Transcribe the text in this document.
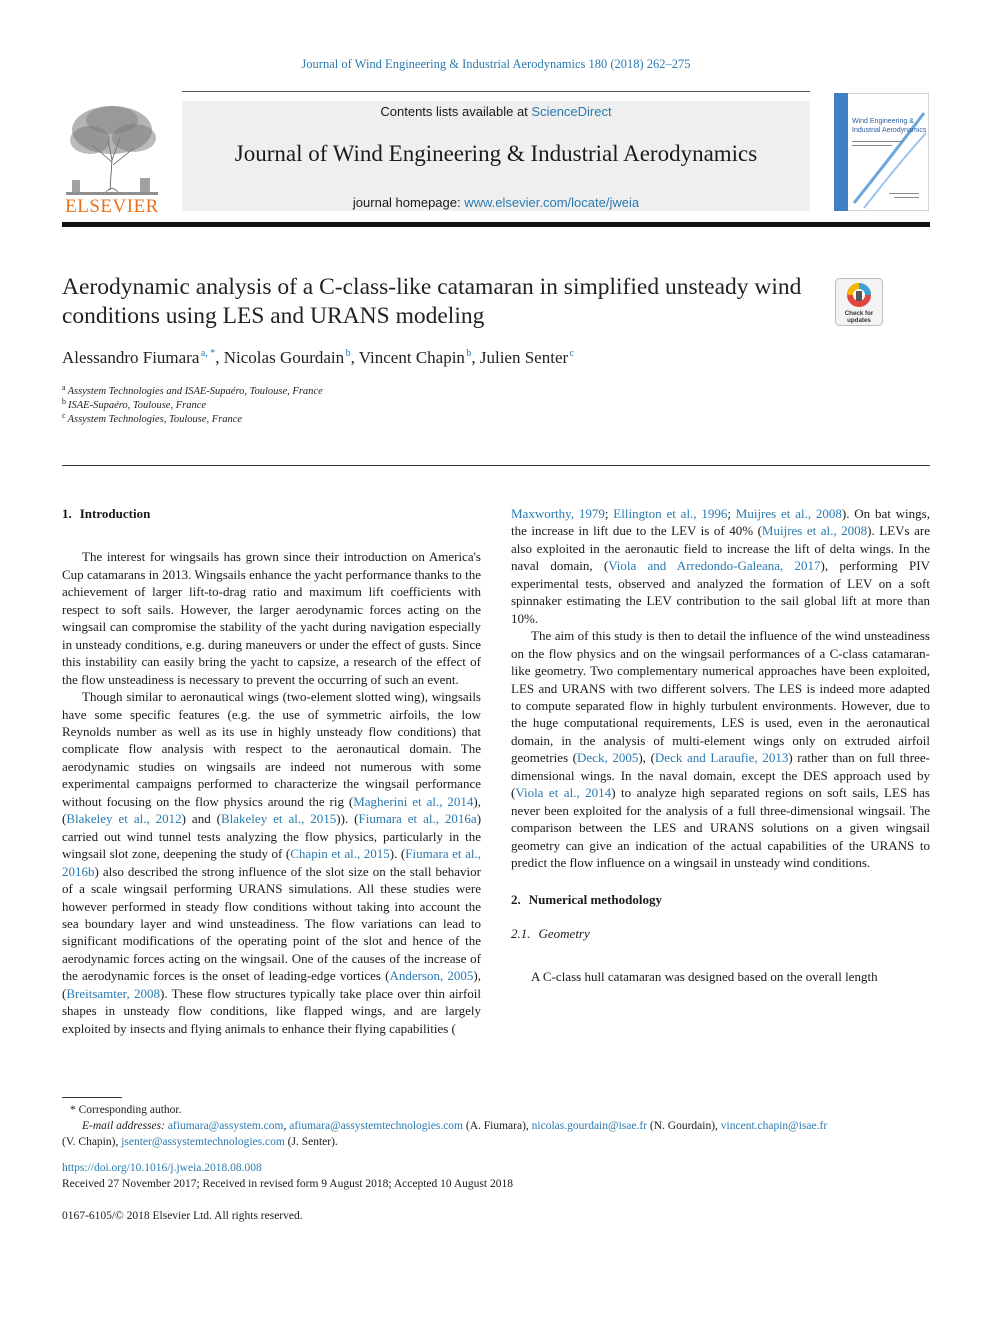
Journal of Wind Engineering & Industrial Aerodynamics 180 (2018) 262–275
ELSEVIER
Contents lists available at ScienceDirect
Journal of Wind Engineering & Industrial Aerodynamics
journal homepage: www.elsevier.com/locate/jweia
Wind Engineering &
Industrial Aerodynamics
Aerodynamic analysis of a C-class-like catamaran in simplified unsteady wind conditions using LES and URANS modeling	Check for
updates
Alessandro Fiumara $^{a, *}$, Nicolas Gourdain $^b$, Vincent Chapin $^b$, Julien Senter $^c$
$^a$ Assystem Technologies and ISAE-Supaéro, Toulouse, France
$^b$ ISAE-Supaéro, Toulouse, France
$^c$ Assystem Technologies, Toulouse, France
1. Introduction

The interest for wingsails has grown since their introduction on America's Cup catamarans in 2013. Wingsails enhance the yacht performance thanks to the achievement of larger lift-to-drag ratio and maximum lift coefficients with respect to soft sails. However, the larger aerodynamic forces acting on the wingsail can compromise the stability of the yacht during navigation especially in unsteady conditions, e.g. during maneuvers or under the effect of gusts. Since this instability can easily bring the yacht to capsize, a research of the effect of the flow unsteadiness is necessary to prevent the occurring of such an event.

Though similar to aeronautical wings (two-element slotted wing), wingsails have some specific features (e.g. the use of symmetric airfoils, the low Reynolds number as well as its use in highly unsteady flow conditions) that complicate flow analysis with respect to the aeronautical domain. The aerodynamic studies on wingsails are indeed not numerous with some experimental campaigns performed to characterize the wingsail performance without focusing on the flow physics around the rig (Magherini et al., 2014), (Blakeley et al., 2012) and (Blakeley et al., 2015)). (Fiumara et al., 2016a) carried out wind tunnel tests analyzing the flow physics, particularly in the wingsail slot zone, deepening the study of (Chapin et al., 2015). (Fiumara et al., 2016b) also described the strong influence of the slot size on the stall behavior of a scale wingsail performing URANS simulations. All these studies were however performed in steady flow conditions without taking into account the sea boundary layer and wind unsteadiness. The flow variations can lead to significant modifications of the operating point of the slot and hence of the aerodynamic forces acting on the wingsail. One of the causes of the increase of the aerodynamic forces is the onset of leading-edge vortices (Anderson, 2005), (Breitsamter, 2008). These flow structures typically take place over thin airfoil shapes in unsteady flow conditions, like flapped wings, and are largely exploited by insects and flying animals to enhance their flying capabilities (

Maxworthy, 1979; Ellington et al., 1996; Muijres et al., 2008). On bat wings, the increase in lift due to the LEV is of 40% (Muijres et al., 2008). LEVs are also exploited in the aeronautic field to increase the lift of delta wings. In the naval domain, (Viola and Arredondo-Galeana, 2017), performing PIV experimental tests, observed and analyzed the formation of LEV on a soft spinnaker estimating the LEV contribution to the sail global lift at more than 10%.

The aim of this study is then to detail the influence of the wind unsteadiness on the flow physics and on the wingsail performances of a C-class catamaran-like geometry. Two complementary numerical approaches have been exploited, LES and URANS with two different solvers. The LES is indeed more adapted to compute separated flow in highly turbulent environments. However, due to the huge computational requirements, LES is used, even in the aeronautical domain, in the analysis of multi-element wings only on extruded airfoil geometries (Deck, 2005), (Deck and Laraufie, 2013) rather than on full three-dimensional wings. In the naval domain, except the DES approach used by (Viola et al., 2014) to analyze high separated regions on soft sails, LES has never been exploited for the analysis of a full three-dimensional wingsail. The comparison between the LES and URANS solutions on a given wingsail geometry can give an indication of the actual capabilities of the URANS to predict the flow influence on a wingsail in unsteady wind conditions.

2. Numerical methodology
2.1. Geometry

A C-class hull catamaran was designed based on the overall length

* Corresponding author.
E-mail addresses: afiumara@assystem.com, afiumara@assystemtechnologies.com (A. Fiumara), nicolas.gourdain@isae.fr (N. Gourdain), vincent.chapin@isae.fr
(V. Chapin), jsenter@assystemtechnologies.com (J. Senter).
https://doi.org/10.1016/j.jweia.2018.08.008
Received 27 November 2017; Received in revised form 9 August 2018; Accepted 10 August 2018
0167-6105/© 2018 Elsevier Ltd. All rights reserved.
